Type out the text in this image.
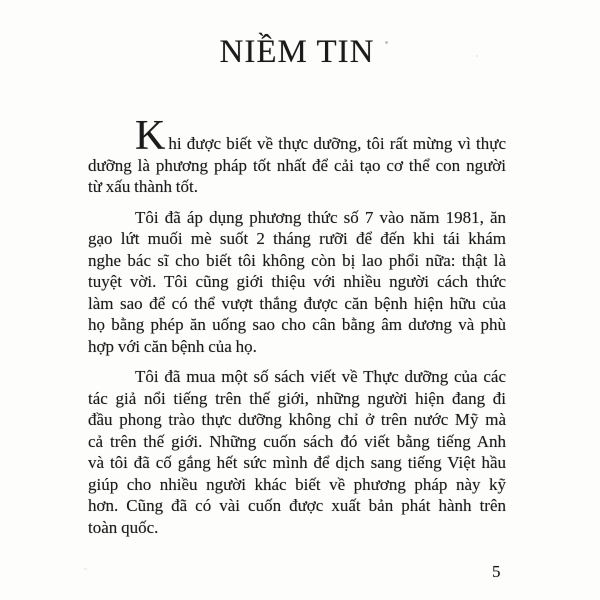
NIỀM TIN
Khi được biết về thực dưỡng, tôi rất mừng vì thực
dưỡng là phương pháp tốt nhất để cải tạo cơ thể con người
từ xấu thành tốt.
Tôi đã áp dụng phương thức số 7 vào năm 1981, ăn
gạo lứt muối mè suốt 2 tháng rưỡi để đến khi tái khám
nghe bác sĩ cho biết tôi không còn bị lao phổi nữa: thật là
tuyệt vời. Tôi cũng giới thiệu với nhiều người cách thức
làm sao để có thể vượt thắng được căn bệnh hiện hữu của
họ bằng phép ăn uống sao cho cân bằng âm dương và phù
hợp với căn bệnh của họ.
Tôi đã mua một số sách viết về Thực dưỡng của các
tác giả nổi tiếng trên thế giới, những người hiện đang đi
đầu phong trào thực dưỡng không chỉ ở trên nước Mỹ mà
cả trên thế giới. Những cuốn sách đó viết bằng tiếng Anh
và tôi đã cố gắng hết sức mình để dịch sang tiếng Việt hầu
giúp cho nhiều người khác biết về phương pháp này kỹ
hơn. Cũng đã có vài cuốn được xuất bản phát hành trên
toàn quốc.
5
